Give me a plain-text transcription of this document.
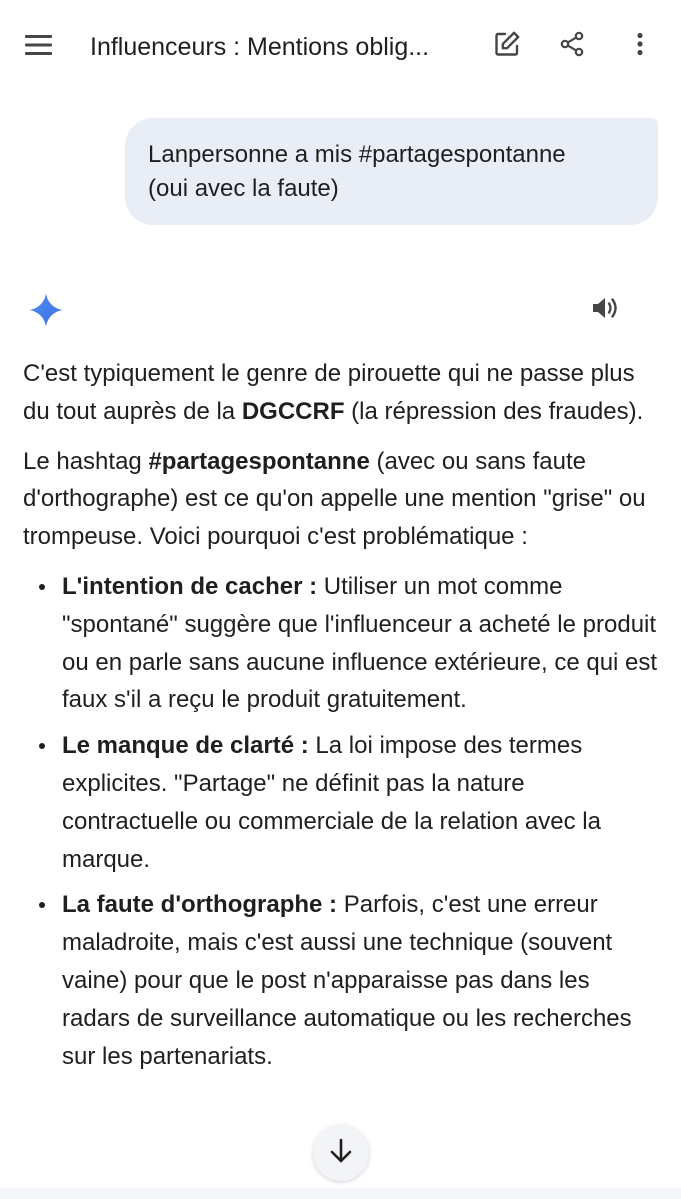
Influenceurs : Mentions oblig...
Lanpersonne a mis #partagespontanne
(oui avec la faute)

C'est typiquement le genre de pirouette qui ne passe plus du tout auprès de la DGCCRF (la répression des fraudes).

Le hashtag #partagespontanne (avec ou sans faute d'orthographe) est ce qu'on appelle une mention "grise" ou trompeuse. Voici pourquoi c'est problématique :

L'intention de cacher : Utiliser un mot comme "spontané" suggère que l'influenceur a acheté le produit ou en parle sans aucune influence extérieure, ce qui est faux s'il a reçu le produit gratuitement.
Le manque de clarté : La loi impose des termes explicites. "Partage" ne définit pas la nature contractuelle ou commerciale de la relation avec la marque.
La faute d'orthographe : Parfois, c'est une erreur maladroite, mais c'est aussi une technique (souvent vaine) pour que le post n'apparaisse pas dans les radars de surveillance automatique ou les recherches sur les partenariats.
